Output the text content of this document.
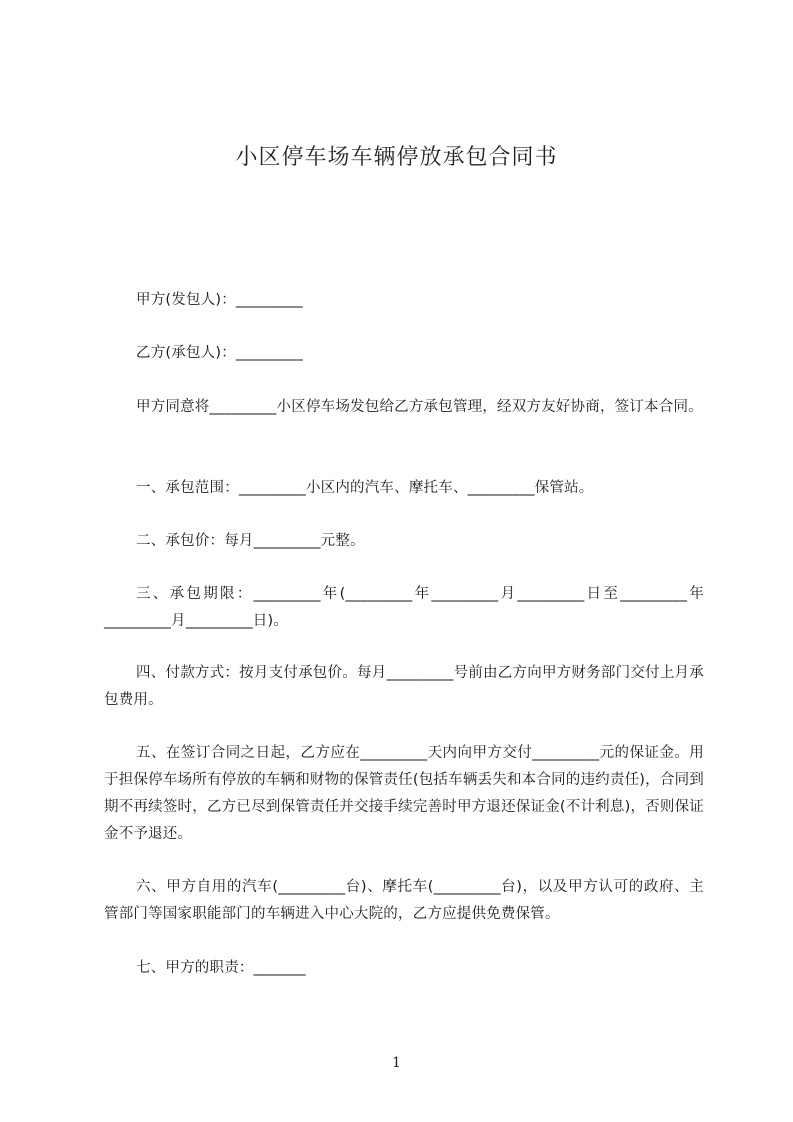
小区停车场车辆停放承包合同书
甲方(发包人)：_________
乙方(承包人)：_________
甲方同意将_________小区停车场发包给乙方承包管理，经双方友好协商，签订本合同。
一、承包范围：_________小区内的汽车、摩托车、_________保管站。
二、承包价：每月_________元整。
三、承包期限：_________年(_________年_________月_________日至_________年_________月_________日)。
四、付款方式：按月支付承包价。每月_________号前由乙方向甲方财务部门交付上月承包费用。
五、在签订合同之日起，乙方应在_________天内向甲方交付_________元的保证金。用于担保停车场所有停放的车辆和财物的保管责任(包括车辆丢失和本合同的违约责任)，合同到期不再续签时，乙方已尽到保管责任并交接手续完善时甲方退还保证金(不计利息)，否则保证金不予退还。
六、甲方自用的汽车(_________台)、摩托车(_________台)，以及甲方认可的政府、主管部门等国家职能部门的车辆进入中心大院的，乙方应提供免费保管。
七、甲方的职责：_______
1
